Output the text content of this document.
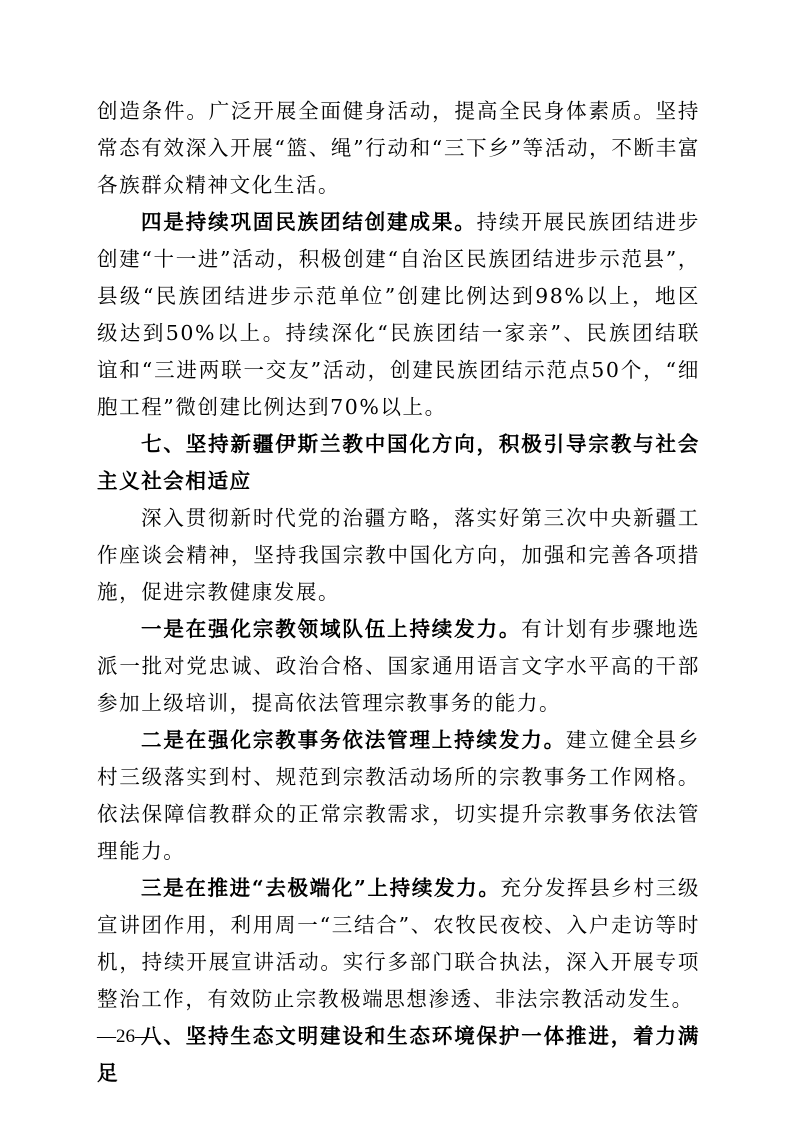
创造条件。广泛开展全面健身活动，提高全民身体素质。坚持常态有效深入开展“篮、绳”行动和“三下乡”等活动，不断丰富各族群众精神文化生活。

四是持续巩固民族团结创建成果。持续开展民族团结进步创建“十一进”活动，积极创建“自治区民族团结进步示范县”，县级“民族团结进步示范单位”创建比例达到98%以上，地区级达到50%以上。持续深化“民族团结一家亲”、民族团结联谊和“三进两联一交友”活动，创建民族团结示范点50个，“细胞工程”微创建比例达到70%以上。

七、坚持新疆伊斯兰教中国化方向，积极引导宗教与社会主义社会相适应

深入贯彻新时代党的治疆方略，落实好第三次中央新疆工作座谈会精神，坚持我国宗教中国化方向，加强和完善各项措施，促进宗教健康发展。

一是在强化宗教领域队伍上持续发力。有计划有步骤地选派一批对党忠诚、政治合格、国家通用语言文字水平高的干部参加上级培训，提高依法管理宗教事务的能力。

二是在强化宗教事务依法管理上持续发力。建立健全县乡村三级落实到村、规范到宗教活动场所的宗教事务工作网格。依法保障信教群众的正常宗教需求，切实提升宗教事务依法管理能力。

三是在推进“去极端化”上持续发力。充分发挥县乡村三级宣讲团作用，利用周一“三结合”、农牧民夜校、入户走访等时机，持续开展宣讲活动。实行多部门联合执法，深入开展专项整治工作，有效防止宗教极端思想渗透、非法宗教活动发生。

八、坚持生态文明建设和生态环境保护一体推进，着力满足

—26—
